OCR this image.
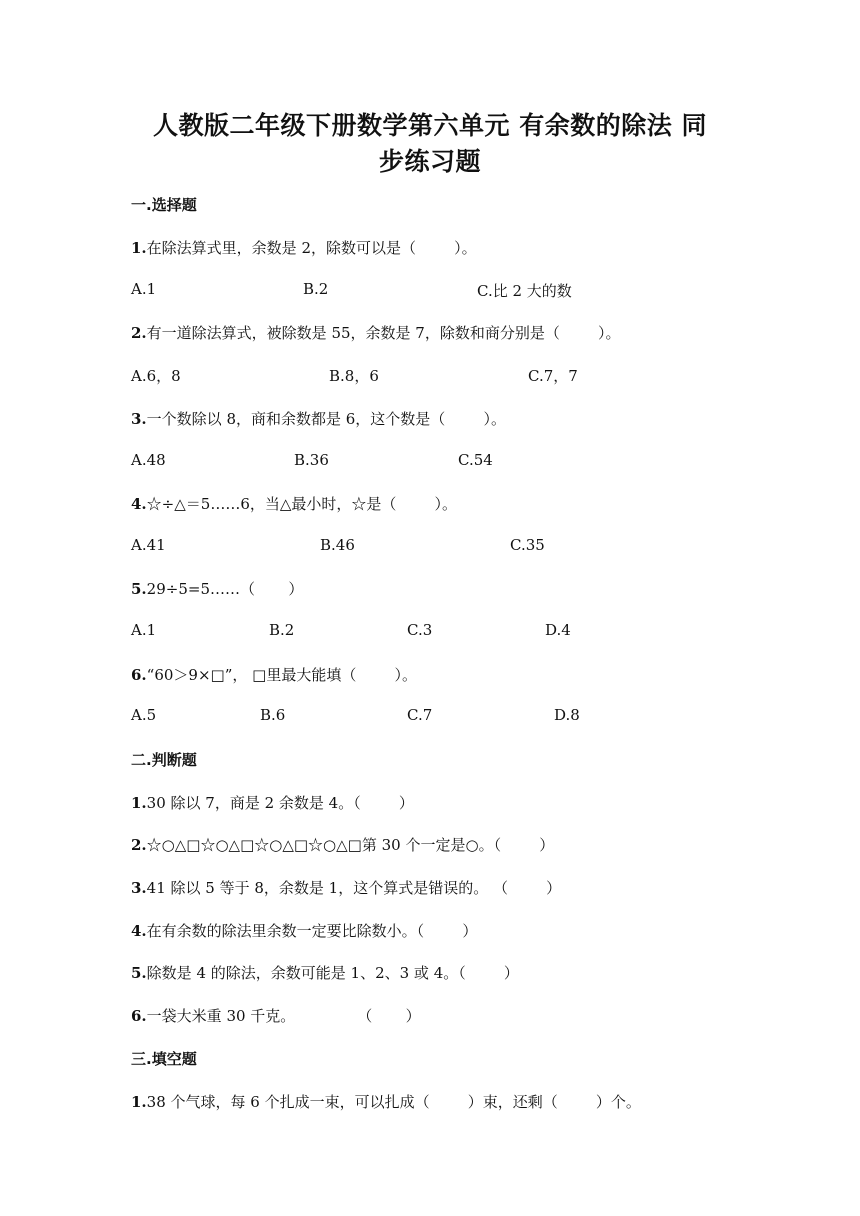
人教版二年级下册数学第六单元 有余数的除法 同
步练习题
一.选择题
1.在除法算式里，余数是 2，除数可以是（        ）。
A.1	B.2	C.比 2 大的数
2.有一道除法算式，被除数是 55，余数是 7，除数和商分别是（        ）。
A.6，8	B.8，6	C.7，7
3.一个数除以 8，商和余数都是 6，这个数是（        ）。
A.48	B.36	C.54
4.☆÷△＝5……6，当△最小时，☆是（        ）。
A.41	B.46	C.35
5.29÷5=5……（       ）
A.1	B.2	C.3	D.4
6.“60＞9×□”， □里最大能填（        ）。
A.5	B.6	C.7	D.8
二.判断题
1.30 除以 7，商是 2 余数是 4。（        ）
2.☆○△□☆○△□☆○△□☆○△□第 30 个一定是○。（        ）
3.41 除以 5 等于 8，余数是 1，这个算式是错误的。 （        ）
4.在有余数的除法里余数一定要比除数小。（        ）
5.除数是 4 的除法，余数可能是 1、2、3 或 4。（        ）
6.一袋大米重 30 千克。             （       ）
三.填空题
1.38 个气球，每 6 个扎成一束，可以扎成（        ）束，还剩（        ）个。
